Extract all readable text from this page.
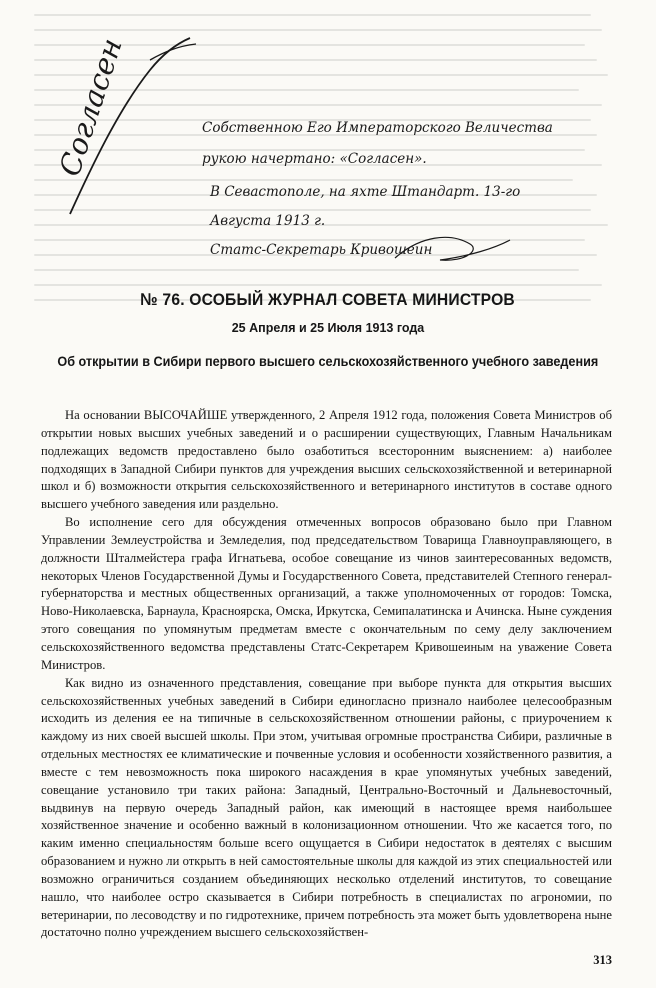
Согласен	Собственною Его Императорского Величества
рукою начертано: «Согласен».
В Севастополе, на яхте Штандарт. 13-го
Августа 1913 г.
Статс-Секретарь Кривошеин
№ 76. ОСОБЫЙ ЖУРНАЛ СОВЕТА МИНИСТРОВ
25 Апреля и 25 Июля 1913 года
Об открытии в Сибири первого высшего сельскохозяйственного учебного заведения

На основании ВЫСОЧАЙШЕ утвержденного, 2 Апреля 1912 года, положения Совета Министров об открытии новых высших учебных заведений и о расширении существующих, Главным Начальникам подлежащих ведомств предоставлено было озаботиться всесторонним выяснением: а) наиболее подходящих в Западной Сибири пунктов для учреждения высших сельскохозяйственной и ветеринарной школ и б) возможности открытия сельскохозяйственного и ветеринарного институтов в составе одного высшего учебного заведения или раздельно.

Во исполнение сего для обсуждения отмеченных вопросов образовано было при Главном Управлении Землеустройства и Земледелия, под председательством Товарища Главноуправляющего, в должности Шталмейстера графа Игнатьева, особое совещание из чинов заинтересованных ведомств, некоторых Членов Государственной Думы и Государственного Совета, представителей Степного генерал-губернаторства и местных общественных организаций, а также уполномоченных от городов: Томска, Ново-Николаевска, Барнаула, Красноярска, Омска, Иркутска, Семипалатинска и Ачинска. Ныне суждения этого совещания по упомянутым предметам вместе с окончательным по сему делу заключением сельскохозяйственного ведомства представлены Статс-Секретарем Кривошеиным на уважение Совета Министров.

Как видно из означенного представления, совещание при выборе пункта для открытия высших сельскохозяйственных учебных заведений в Сибири единогласно признало наиболее целесообразным исходить из деления ее на типичные в сельскохозяйственном отношении районы, с приурочением к каждому из них своей высшей школы. При этом, учитывая огромные пространства Сибири, различные в отдельных местностях ее климатические и почвенные условия и особенности хозяйственного развития, а вместе с тем невозможность пока широкого насаждения в крае упомянутых учебных заведений, совещание установило три таких района: Западный, Центрально-Восточный и Дальневосточный, выдвинув на первую очередь Западный район, как имеющий в настоящее время наибольшее хозяйственное значение и особенно важный в колонизационном отношении. Что же касается того, по каким именно специальностям больше всего ощущается в Сибири недостаток в деятелях с высшим образованием и нужно ли открыть в ней самостоятельные школы для каждой из этих специальностей или возможно ограничиться созданием объединяющих несколько отделений институтов, то совещание нашло, что наиболее остро сказывается в Сибири потребность в специалистах по агрономии, по ветеринарии, по лесоводству и по гидротехнике, причем потребность эта может быть удовлетворена ныне достаточно полно учреждением высшего сельскохозяйствен-

313
